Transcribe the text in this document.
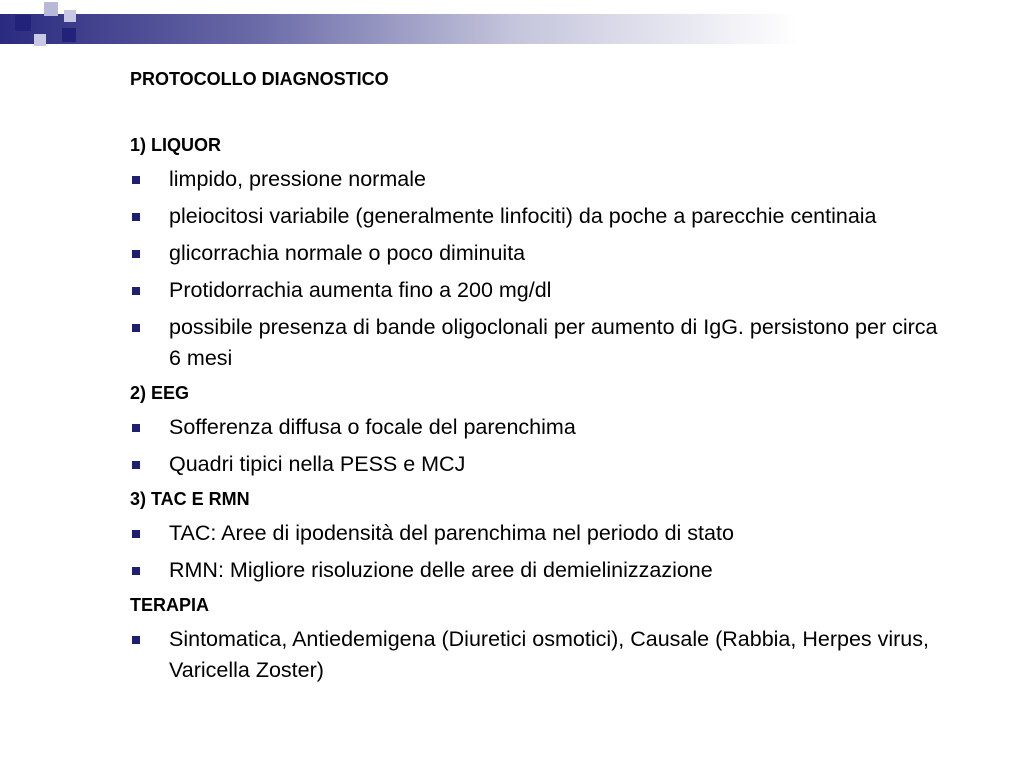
PROTOCOLLO DIAGNOSTICO
1) LIQUOR
limpido, pressione normale
pleiocitosi variabile (generalmente linfociti) da poche a parecchie centinaia
glicorrachia normale o poco diminuita
Protidorrachia aumenta fino a 200 mg/dl
possibile presenza di bande oligoclonali per aumento di IgG. persistono per circa 6 mesi
2) EEG
Sofferenza diffusa o focale del parenchima
Quadri tipici nella PESS e MCJ
3) TAC E RMN
TAC: Aree di ipodensità del parenchima nel periodo di stato
RMN: Migliore risoluzione delle aree di demielinizzazione
TERAPIA
Sintomatica, Antiedemigena (Diuretici osmotici), Causale (Rabbia, Herpes virus, Varicella Zoster)
